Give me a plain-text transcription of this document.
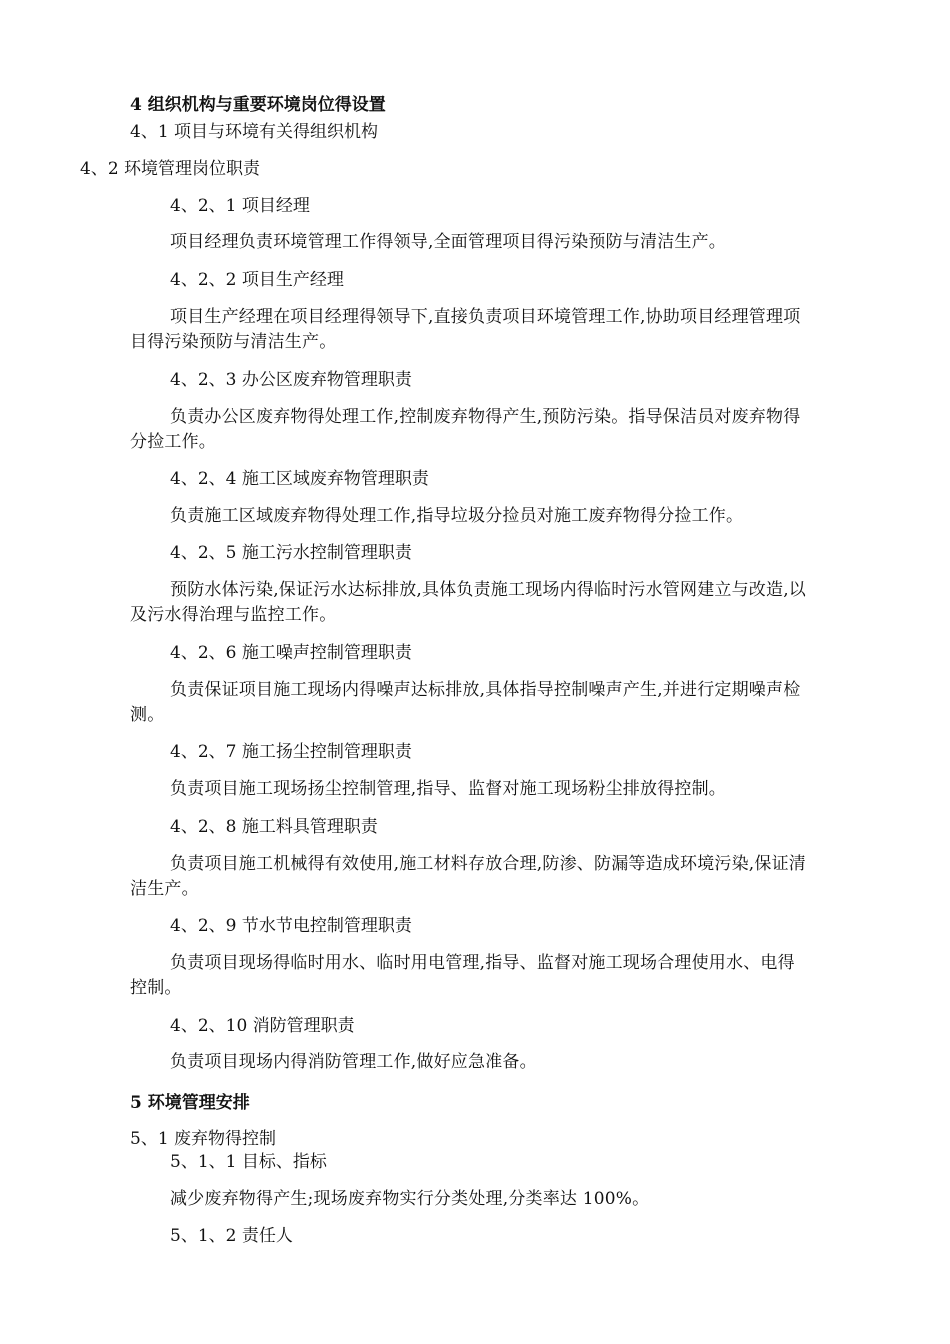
4 组织机构与重要环境岗位得设置
4、1 项目与环境有关得组织机构
4、2 环境管理岗位职责
4、2、1 项目经理
项目经理负责环境管理工作得领导,全面管理项目得污染预防与清洁生产。
4、2、2 项目生产经理
项目生产经理在项目经理得领导下,直接负责项目环境管理工作,协助项目经理管理项目得污染预防与清洁生产。
4、2、3 办公区废弃物管理职责
负责办公区废弃物得处理工作,控制废弃物得产生,预防污染。指导保洁员对废弃物得分捡工作。
4、2、4 施工区域废弃物管理职责
负责施工区域废弃物得处理工作,指导垃圾分捡员对施工废弃物得分捡工作。
4、2、5 施工污水控制管理职责
预防水体污染,保证污水达标排放,具体负责施工现场内得临时污水管网建立与改造,以及污水得治理与监控工作。
4、2、6 施工噪声控制管理职责
负责保证项目施工现场内得噪声达标排放,具体指导控制噪声产生,并进行定期噪声检测。
4、2、7 施工扬尘控制管理职责
负责项目施工现场扬尘控制管理,指导、监督对施工现场粉尘排放得控制。
4、2、8 施工料具管理职责
负责项目施工机械得有效使用,施工材料存放合理,防渗、防漏等造成环境污染,保证清洁生产。
4、2、9 节水节电控制管理职责
负责项目现场得临时用水、临时用电管理,指导、监督对施工现场合理使用水、电得控制。
4、2、10 消防管理职责
负责项目现场内得消防管理工作,做好应急准备。
5 环境管理安排
5、1 废弃物得控制
5、1、1 目标、指标
减少废弃物得产生;现场废弃物实行分类处理,分类率达 100%。
5、1、2 责任人
